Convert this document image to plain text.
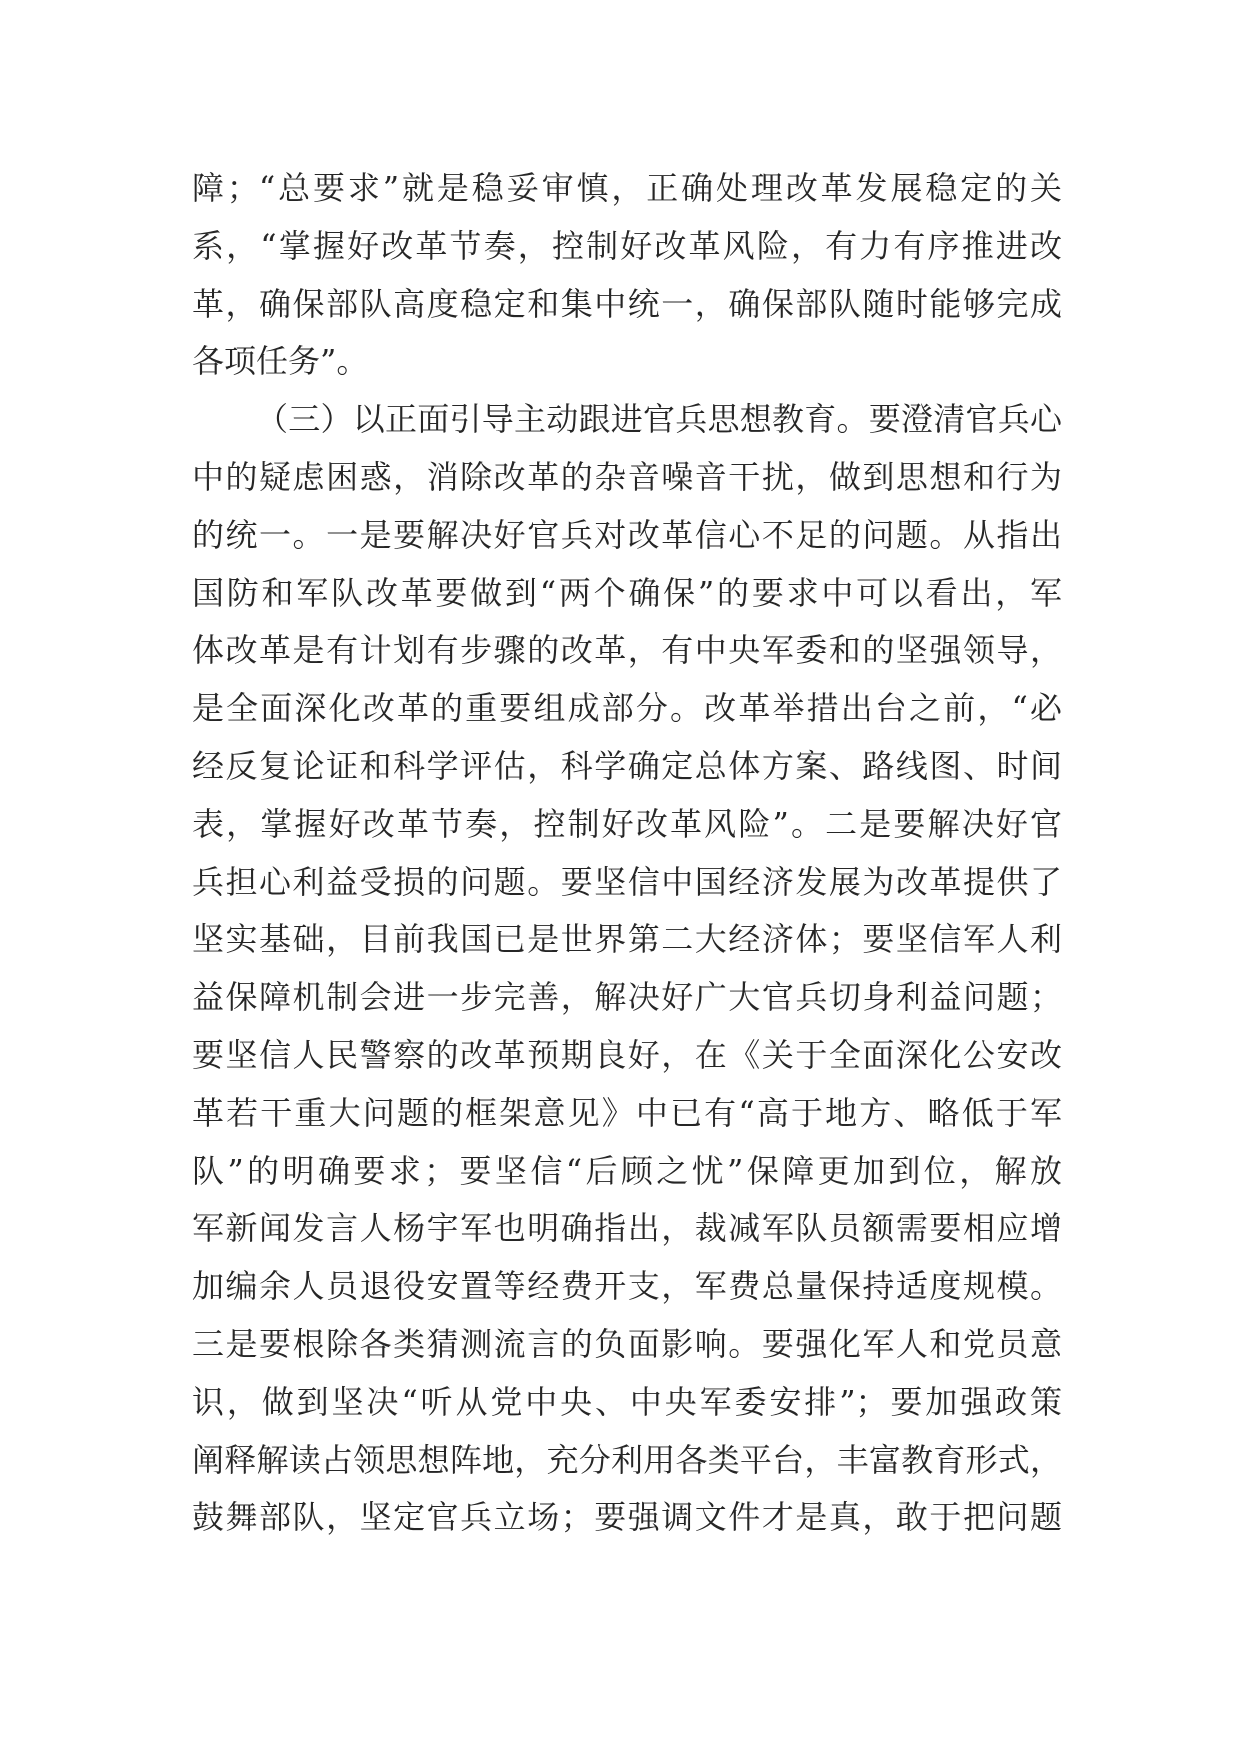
障；“总要求”就是稳妥审慎，正确处理改革发展稳定的关
系，“掌握好改革节奏，控制好改革风险，有力有序推进改
革，确保部队高度稳定和集中统一，确保部队随时能够完成
各项任务”。
（三）以正面引导主动跟进官兵思想教育。要澄清官兵心
中的疑虑困惑，消除改革的杂音噪音干扰，做到思想和行为
的统一。一是要解决好官兵对改革信心不足的问题。从指出
国防和军队改革要做到“两个确保”的要求中可以看出，军
体改革是有计划有步骤的改革，有中央军委和的坚强领导，
是全面深化改革的重要组成部分。改革举措出台之前，“必
经反复论证和科学评估，科学确定总体方案、路线图、时间
表，掌握好改革节奏，控制好改革风险”。二是要解决好官
兵担心利益受损的问题。要坚信中国经济发展为改革提供了
坚实基础，目前我国已是世界第二大经济体；要坚信军人利
益保障机制会进一步完善，解决好广大官兵切身利益问题；
要坚信人民警察的改革预期良好，在《关于全面深化公安改
革若干重大问题的框架意见》中已有“高于地方、略低于军
队”的明确要求；要坚信“后顾之忧”保障更加到位，解放
军新闻发言人杨宇军也明确指出，裁减军队员额需要相应增
加编余人员退役安置等经费开支，军费总量保持适度规模。
三是要根除各类猜测流言的负面影响。要强化军人和党员意
识，做到坚决“听从党中央、中央军委安排”；要加强政策
阐释解读占领思想阵地，充分利用各类平台，丰富教育形式，
鼓舞部队，坚定官兵立场；要强调文件才是真，敢于把问题
